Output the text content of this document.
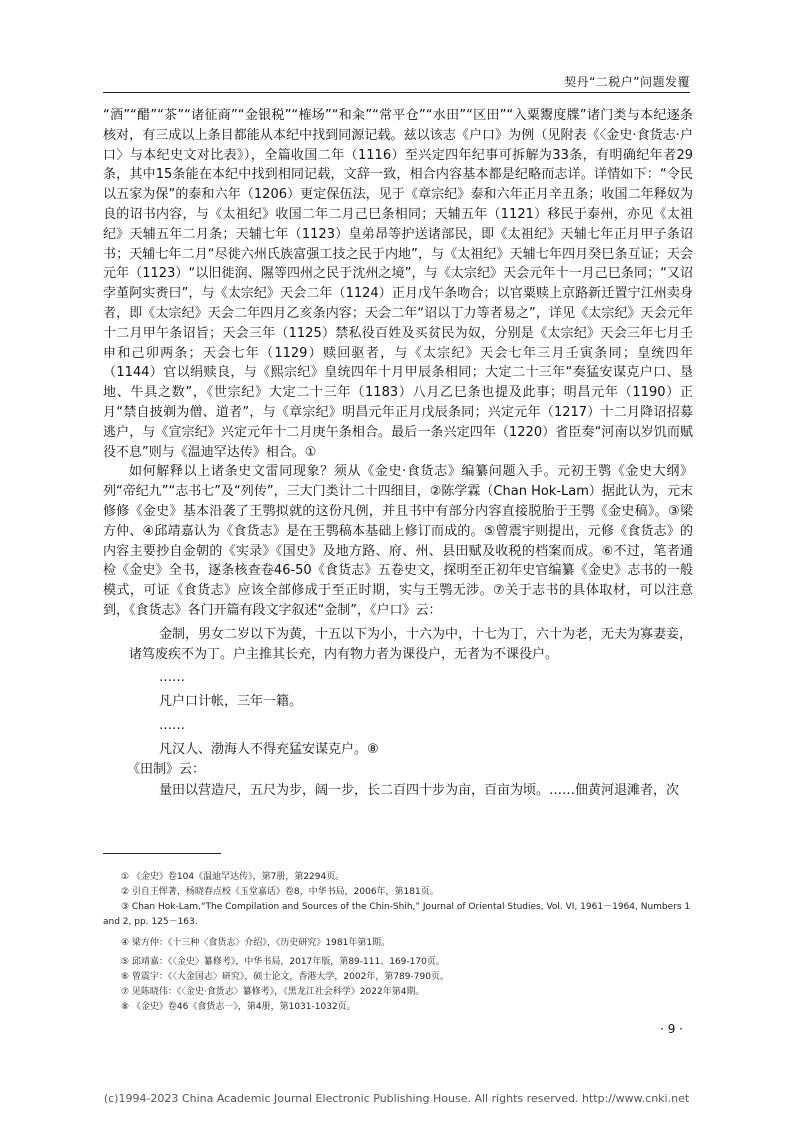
契丹“二税户”问题发覆

“酒”“醋”“茶”“诸征商”“金银税”“榷场”“和籴”“常平仓”“水田”“区田”“入粟鬻度牒”诸门类与本纪逐条核对，有三成以上条目都能从本纪中找到同源记载。兹以该志《户口》为例（见附表《〈金史·食货志·户口〉与本纪史文对比表》），全篇收国二年（1116）至兴定四年纪事可拆解为33条，有明确纪年者29条，其中15条能在本纪中找到相同记载，文辞一致，相合内容基本都是纪略而志详。详情如下：“令民以五家为保”的泰和六年（1206）更定保伍法，见于《章宗纪》泰和六年正月辛丑条；收国二年释奴为良的诏书内容，与《太祖纪》收国二年二月己巳条相同；天辅五年（1121）移民于泰州，亦见《太祖纪》天辅五年二月条；天辅七年（1123）皇弟昂等护送诸部民，即《太祖纪》天辅七年正月甲子条诏书；天辅七年二月“尽徙六州氏族富强工技之民于内地”，与《太祖纪》天辅七年四月癸巳条互证；天会元年（1123）“以旧徙润、隰等四州之民于沈州之境”，与《太宗纪》天会元年十一月己巳条同；“又诏孛堇阿实赉曰”，与《太宗纪》天会二年（1124）正月戊午条吻合；以官粟赎上京路新迁置宁江州卖身者，即《太宗纪》天会二年四月乙亥条内容；天会二年“诏以丁力等者易之”，详见《太宗纪》天会元年十二月甲午条诏旨；天会三年（1125）禁私役百姓及买贫民为奴，分别是《太宗纪》天会三年七月壬申和己卯两条；天会七年（1129）赎回驱者，与《太宗纪》天会七年三月壬寅条同；皇统四年（1144）官以绢赎良，与《熙宗纪》皇统四年十月甲辰条相同；大定二十三年“奏猛安谋克户口、垦地、牛具之数”，《世宗纪》大定二十三年（1183）八月乙巳条也提及此事；明昌元年（1190）正月“禁自披剃为僧、道者”，与《章宗纪》明昌元年正月戊辰条同；兴定元年（1217）十二月降诏招募逃户，与《宣宗纪》兴定元年十二月庚午条相合。最后一条兴定四年（1220）省臣奏“河南以岁饥而赋役不息”则与《温迪罕达传》相合。①

如何解释以上诸条史文雷同现象？须从《金史·食货志》编纂问题入手。元初王鹗《金史大纲》列“帝纪九”“志书七”及“列传”，三大门类计二十四细目，②陈学霖（Chan Hok-Lam）据此认为，元末修修《金史》基本沿袭了王鹗拟就的这份凡例，并且书中有部分内容直接脱胎于王鹗《金史稿》。③梁方仲、④邱靖嘉认为《食货志》是在王鹗稿本基础上修订而成的。⑤曾震宇则提出，元修《食货志》的内容主要抄自金朝的《实录》《国史》及地方路、府、州、县田赋及收税的档案而成。⑥不过，笔者通检《金史》全书，逐条核查卷46-50《食货志》五卷史文，探明至正初年史官编纂《金史》志书的一般模式，可证《食货志》应该全部修成于至正时期，实与王鹗无涉。⑦关于志书的具体取材，可以注意到，《食货志》各门开篇有段文字叙述“金制”，《户口》云：

金制，男女二岁以下为黄，十五以下为小，十六为中，十七为丁，六十为老，无夫为寡妻妾，

诸笃废疾不为丁。户主推其长充，内有物力者为课役户，无者为不课役户。

……

凡户口计帐，三年一籍。

……

凡汉人、渤海人不得充猛安谋克户。⑧

《田制》云：

量田以营造尺，五尺为步，阔一步，长二百四十步为亩，百亩为顷。……佃黄河退滩者，次

① 《金史》卷104《温迪罕达传》，第7册，第2294页。

② 引自王恽著，杨晓春点校《玉堂嘉话》卷8，中华书局，2006年，第181页。

③ Chan Hok-Lam,“The Compilation and Sources of the Chin-Shih,” Journal of Oriental Studies, Vol. VI, 1961－1964, Numbers 1

and 2, pp. 125－163.

④ 梁方仲：《十三种〈食货志〉介绍》，《历史研究》1981年第1期。

⑤ 邱靖嘉：《〈金史〉纂修考》，中华书局，2017年版，第89-111、169-170页。

⑥ 曾震宇：《〈大金国志〉研究》，硕士论文，香港大学，2002年，第789-790页。

⑦ 见陈晓伟：《〈金史·食货志〉纂修考》，《黑龙江社会科学》2022年第4期。

⑧ 《金史》卷46《食货志一》，第4册，第1031-1032页。

· 9 ·
(c)1994-2023 China Academic Journal Electronic Publishing House. All rights reserved. http://www.cnki.net
